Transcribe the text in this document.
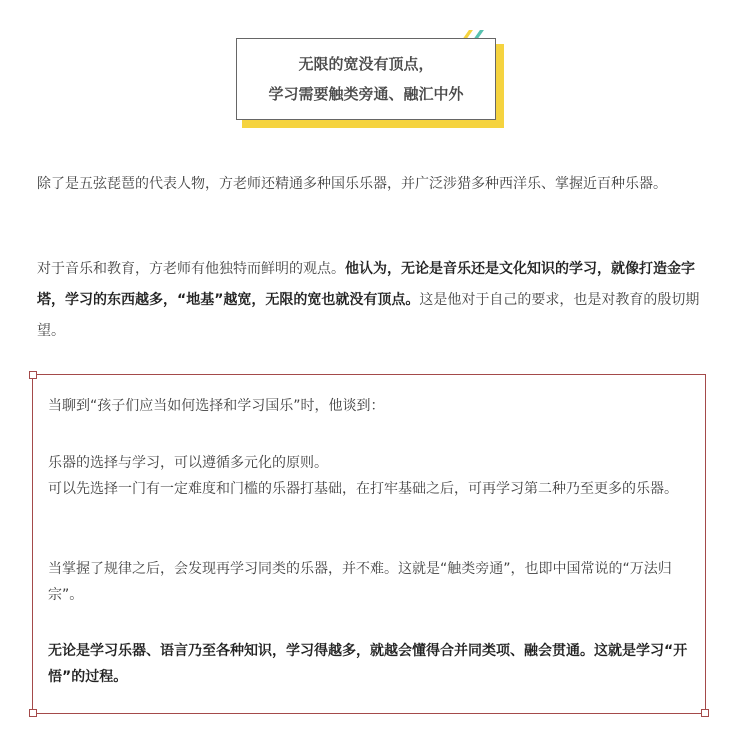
无限的宽没有顶点，
学习需要触类旁通、融汇中外

除了是五弦琵琶的代表人物，方老师还精通多种国乐乐器，并广泛涉猎多种西洋乐、掌握近百种乐器。

对于音乐和教育，方老师有他独特而鲜明的观点。他认为，无论是音乐还是文化知识的学习，就像打造金字塔，学习的东西越多，“地基”越宽，无限的宽也就没有顶点。这是他对于自己的要求，也是对教育的殷切期望。

当聊到“孩子们应当如何选择和学习国乐”时，他谈到：

乐器的选择与学习，可以遵循多元化的原则。
可以先选择一门有一定难度和门槛的乐器打基础，在打牢基础之后，可再学习第二种乃至更多的乐器。

当掌握了规律之后，会发现再学习同类的乐器，并不难。这就是“触类旁通”，也即中国常说的“万法归宗”。

无论是学习乐器、语言乃至各种知识，学习得越多，就越会懂得合并同类项、融会贯通。这就是学习“开悟”的过程。
